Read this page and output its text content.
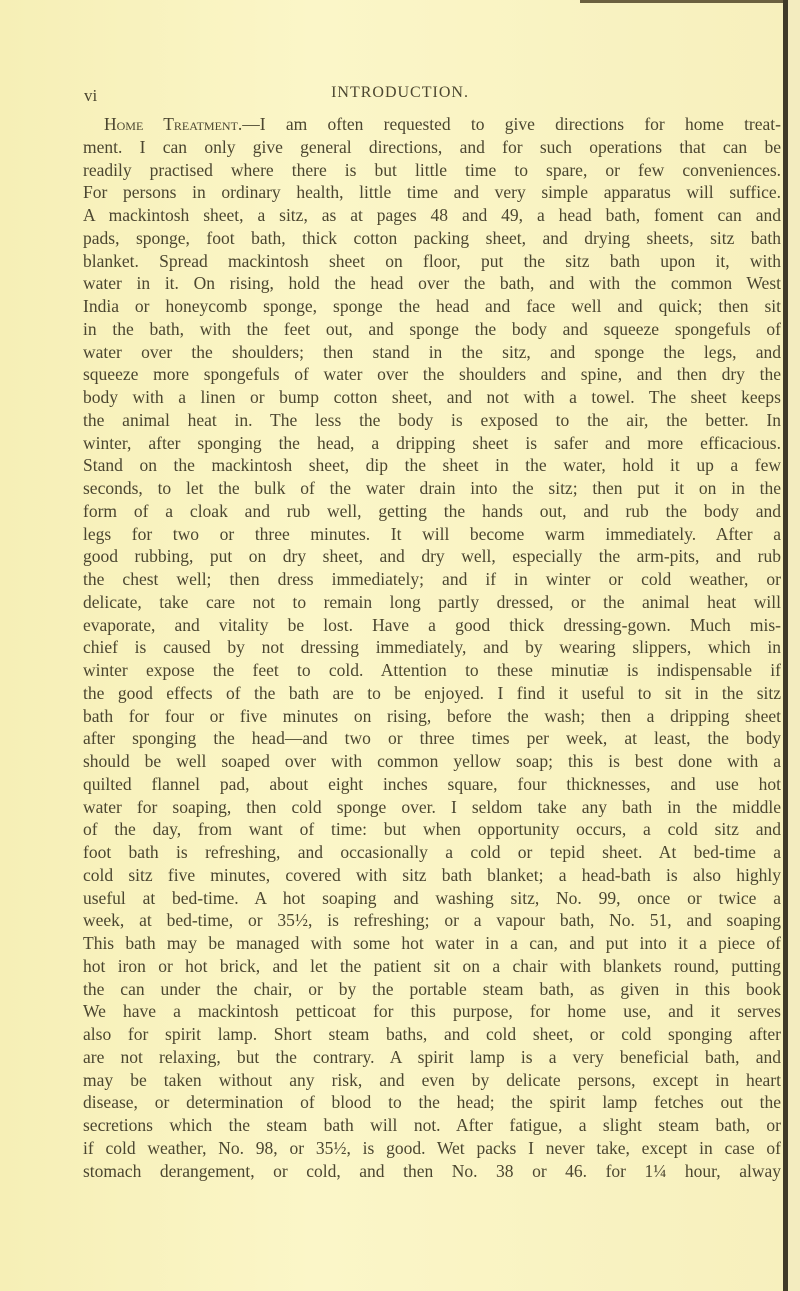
vi	INTRODUCTION.
Home Treatment.—I am often requested to give directions for home treat-
ment. I can only give general directions, and for such operations that can be
readily practised where there is but little time to spare, or few conveniences.
For persons in ordinary health, little time and very simple apparatus will suffice.
A mackintosh sheet, a sitz, as at pages 48 and 49, a head bath, foment can and
pads, sponge, foot bath, thick cotton packing sheet, and drying sheets, sitz bath
blanket. Spread mackintosh sheet on floor, put the sitz bath upon it, with
water in it. On rising, hold the head over the bath, and with the common West
India or honeycomb sponge, sponge the head and face well and quick; then sit
in the bath, with the feet out, and sponge the body and squeeze spongefuls of
water over the shoulders; then stand in the sitz, and sponge the legs, and
squeeze more spongefuls of water over the shoulders and spine, and then dry the
body with a linen or bump cotton sheet, and not with a towel. The sheet keeps
the animal heat in. The less the body is exposed to the air, the better. In
winter, after sponging the head, a dripping sheet is safer and more efficacious.
Stand on the mackintosh sheet, dip the sheet in the water, hold it up a few
seconds, to let the bulk of the water drain into the sitz; then put it on in the
form of a cloak and rub well, getting the hands out, and rub the body and
legs for two or three minutes. It will become warm immediately. After a
good rubbing, put on dry sheet, and dry well, especially the arm-pits, and rub
the chest well; then dress immediately; and if in winter or cold weather, or
delicate, take care not to remain long partly dressed, or the animal heat will
evaporate, and vitality be lost. Have a good thick dressing-gown. Much mis-
chief is caused by not dressing immediately, and by wearing slippers, which in
winter expose the feet to cold. Attention to these minutiæ is indispensable if
the good effects of the bath are to be enjoyed. I find it useful to sit in the sitz
bath for four or five minutes on rising, before the wash; then a dripping sheet
after sponging the head—and two or three times per week, at least, the body
should be well soaped over with common yellow soap; this is best done with a
quilted flannel pad, about eight inches square, four thicknesses, and use hot
water for soaping, then cold sponge over. I seldom take any bath in the middle
of the day, from want of time: but when opportunity occurs, a cold sitz and
foot bath is refreshing, and occasionally a cold or tepid sheet. At bed-time a
cold sitz five minutes, covered with sitz bath blanket; a head-bath is also highly
useful at bed-time. A hot soaping and washing sitz, No. 99, once or twice a
week, at bed-time, or 35½, is refreshing; or a vapour bath, No. 51, and soaping
This bath may be managed with some hot water in a can, and put into it a piece of
hot iron or hot brick, and let the patient sit on a chair with blankets round, putting
the can under the chair, or by the portable steam bath, as given in this book
We have a mackintosh petticoat for this purpose, for home use, and it serves
also for spirit lamp. Short steam baths, and cold sheet, or cold sponging after
are not relaxing, but the contrary. A spirit lamp is a very beneficial bath, and
may be taken without any risk, and even by delicate persons, except in heart
disease, or determination of blood to the head; the spirit lamp fetches out the
secretions which the steam bath will not. After fatigue, a slight steam bath, or
if cold weather, No. 98, or 35½, is good. Wet packs I never take, except in case of
stomach derangement, or cold, and then No. 38 or 46. for 1¼ hour, alway
